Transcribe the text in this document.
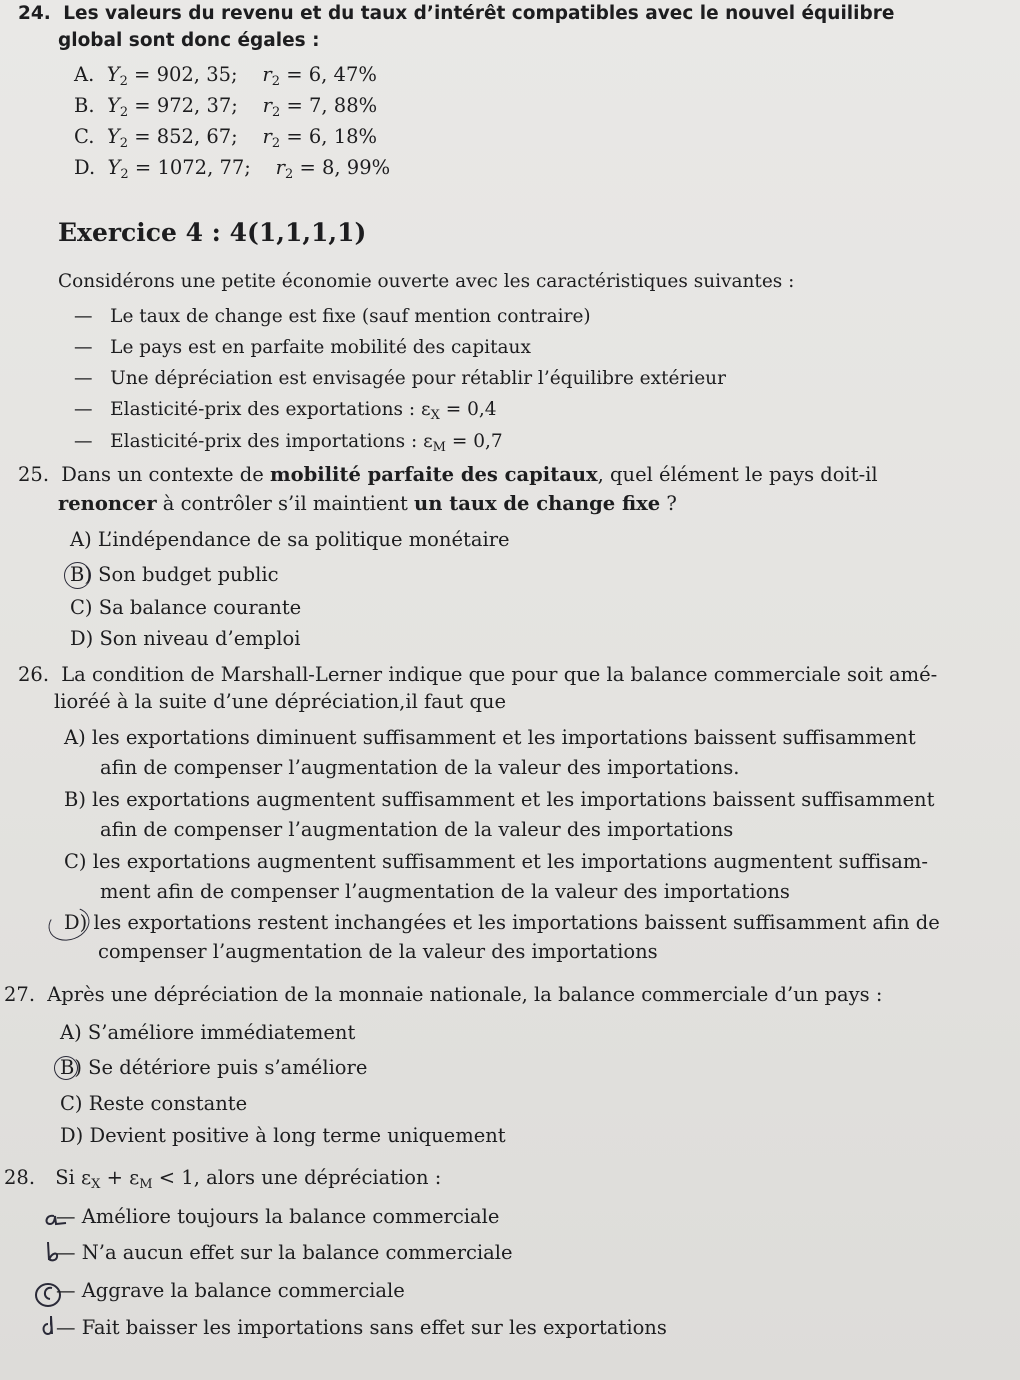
24. Les valeurs du revenu et du taux d’intérêt compatibles avec le nouvel équilibre
global sont donc égales :
A. $Y_2 = 902$, 35; $r_2 = 6$, 47%
B. $Y_2 = 972$, 37; $r_2 = 7$, 88%
C. $Y_2 = 852$, 67; $r_2 = 6$, 18%
D. $Y_2 = 1072$, 77; $r_2 = 8$, 99%
Exercice 4 : 4(1,1,1,1)
Considérons une petite économie ouverte avec les caractéristiques suivantes :
— Le taux de change est fixe (sauf mention contraire)
— Le pays est en parfaite mobilité des capitaux
— Une dépréciation est envisagée pour rétablir l’équilibre extérieur
— Elasticité-prix des exportations : $\varepsilon_X = 0,4$
— Elasticité-prix des importations : $\varepsilon_M = 0,7$
25. Dans un contexte de mobilité parfaite des capitaux, quel élément le pays doit-il
renoncer à contrôler s’il maintient un taux de change fixe ?
A) L’indépendance de sa politique monétaire
B) Son budget public
C) Sa balance courante
D) Son niveau d’emploi
26. La condition de Marshall-Lerner indique que pour que la balance commerciale soit amé-
lioréé à la suite d’une dépréciation,il faut que
A) les exportations diminuent suffisamment et les importations baissent suffisamment
afin de compenser l’augmentation de la valeur des importations.
B) les exportations augmentent suffisamment et les importations baissent suffisamment
afin de compenser l’augmentation de la valeur des importations
C) les exportations augmentent suffisamment et les importations augmentent suffisam-
ment afin de compenser l’augmentation de la valeur des importations
D) les exportations restent inchangées et les importations baissent suffisamment afin de
compenser l’augmentation de la valeur des importations
27. Après une dépréciation de la monnaie nationale, la balance commerciale d’un pays :
A) S’améliore immédiatement
B) Se détériore puis s’améliore
C) Reste constante
D) Devient positive à long terme uniquement
28. Si $\varepsilon_X + \varepsilon_M < 1$, alors une dépréciation :
— Améliore toujours la balance commerciale
— N’a aucun effet sur la balance commerciale
— Aggrave la balance commerciale
— Fait baisser les importations sans effet sur les exportations
